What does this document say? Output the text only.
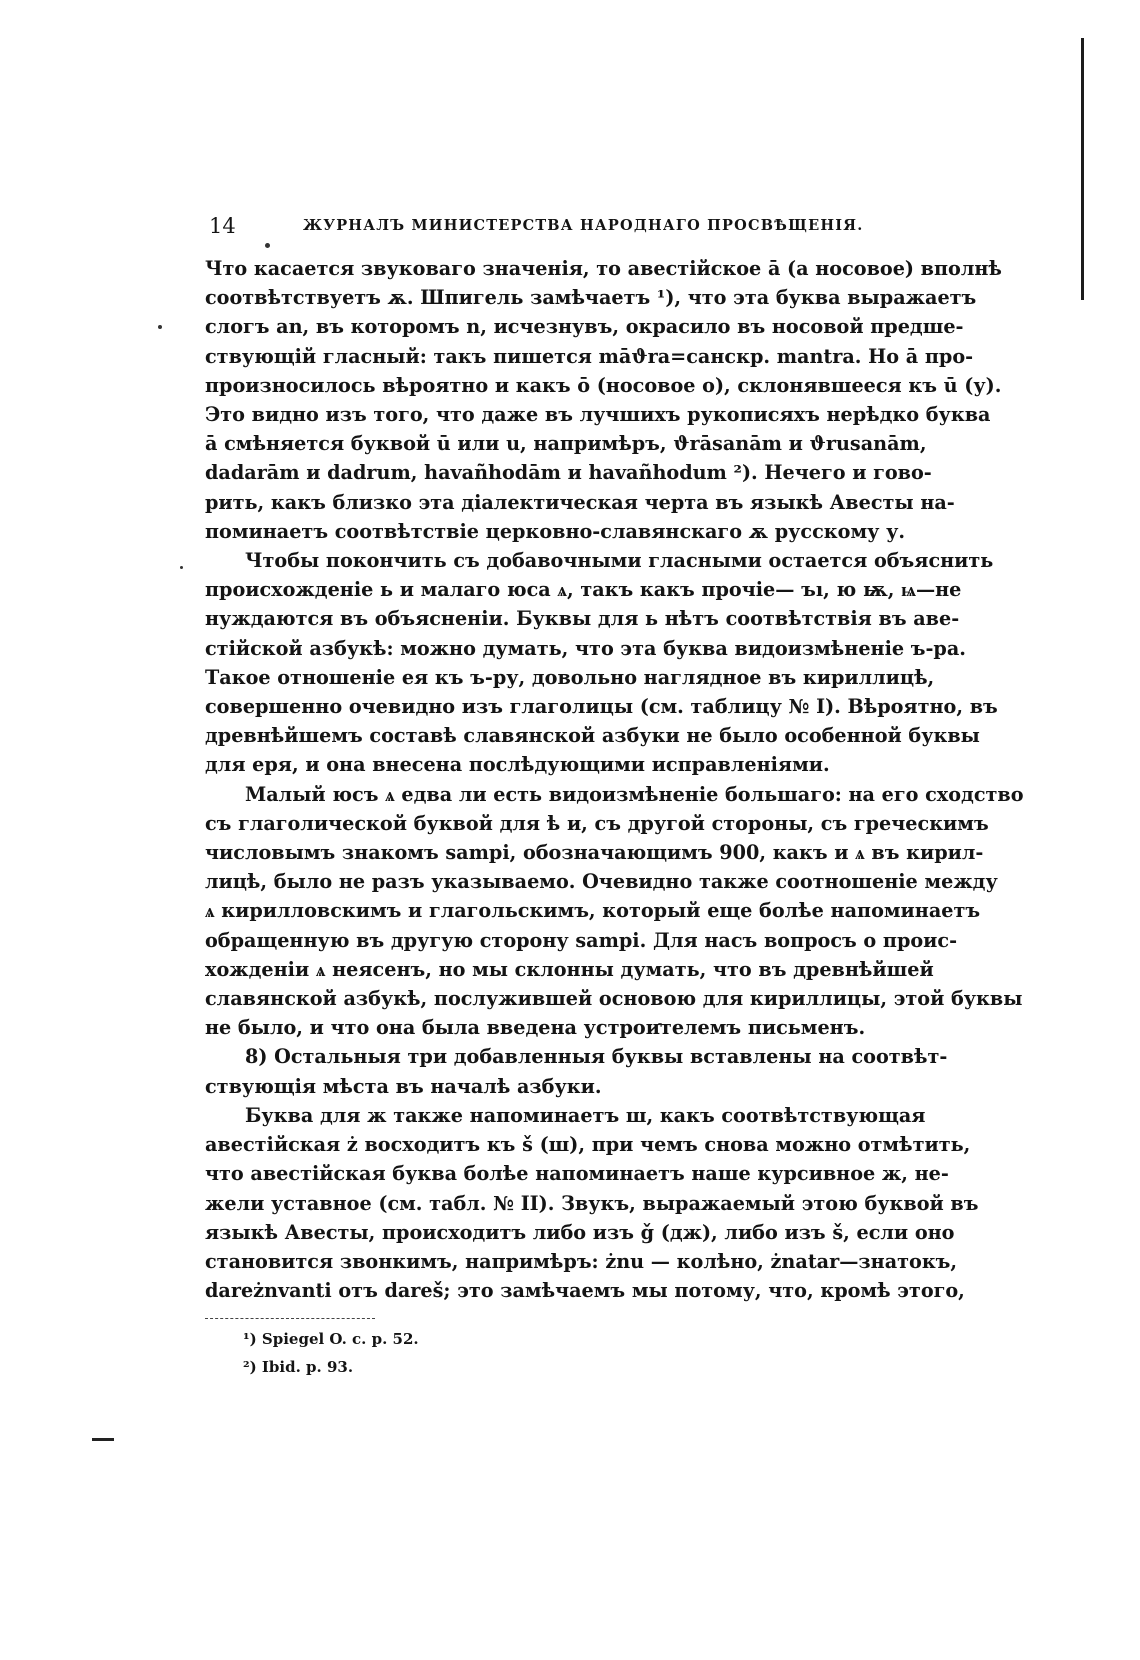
14	ЖУРНАЛЪ МИНИСТЕРСТВА НАРОДНАГО ПРОСВѢЩЕНІЯ.

Что касается звуковаго значенія, то авестійское ā (а носовое) вполнѣ

соотвѣтствуетъ ѫ. Шпигель замѣчаетъ ¹), что эта буква выражаетъ

слогъ an, въ которомъ n, исчезнувъ, окрасило въ носовой предше-

ствующій гласный: такъ пишется māϑra=санскр. mantra. Но ā про-

произносилось вѣроятно и какъ ō (носовое о), склонявшееся къ ū (у).

Это видно изъ того, что даже въ лучшихъ рукописяхъ нерѣдко буква

ā смѣняется буквой ū или u, напримѣръ, ϑrāsanām и ϑrusanām,

dadarām и dadrum, havañhodām и havañhodum ²). Нечего и гово-

рить, какъ близко эта діалектическая черта въ языкѣ Авесты на-

поминаетъ соотвѣтствіе церковно-славянскаго ѫ русскому у.

Чтобы покончить съ добавочными гласными остается объяснить

происхожденіе ь и малаго юса ѧ, такъ какъ прочіе— ъı, ю ѭ, ѩ—не

нуждаются въ объясненіи. Буквы для ь нѣтъ соотвѣтствія въ аве-

стійской азбукѣ: можно думать, что эта буква видоизмѣненіе ъ-ра.

Такое отношеніе ея къ ъ-ру, довольно наглядное въ кириллицѣ,

совершенно очевидно изъ глаголицы (см. таблицу № I). Вѣроятно, въ

древнѣйшемъ составѣ славянской азбуки не было особенной буквы

для еря, и она внесена послѣдующими исправленіями.

Малый юсъ ѧ едва ли есть видоизмѣненіе большаго: на его сходство

съ глаголической буквой для ѣ и, съ другой стороны, съ греческимъ

числовымъ знакомъ sampi, обозначающимъ 900, какъ и ѧ въ кирил-

лицѣ, было не разъ указываемо. Очевидно также соотношеніе между

ѧ кирилловскимъ и глагольскимъ, который еще болѣе напоминаетъ

обращенную въ другую сторону sampi. Для насъ вопросъ о проис-

хожденіи ѧ неясенъ, но мы склонны думать, что въ древнѣйшей

славянской азбукѣ, послужившей основою для кириллицы, этой буквы

не было, и что она была введена устроителемъ письменъ.

8) Остальныя три добавленныя буквы вставлены на соотвѣт-

ствующія мѣста въ началѣ азбуки.

Буква для ж также напоминаетъ ш, какъ соотвѣтствующая

авестійская ż восходитъ къ š (ш), при чемъ снова можно отмѣтить,

что авестійская буква болѣе напоминаетъ наше курсивное ж, не-

жели уставное (см. табл. № II). Звукъ, выражаемый этою буквой въ

языкѣ Авесты, происходитъ либо изъ ǧ (дж), либо изъ š, если оно

становится звонкимъ, напримѣръ: żnu — колѣно, żnatar—знатокъ,

dareżnvanti отъ dareš; это замѣчаемъ мы потому, что, кромѣ этого,

¹) Spiegel O. c. p. 52.
²) Ibid. p. 93.
